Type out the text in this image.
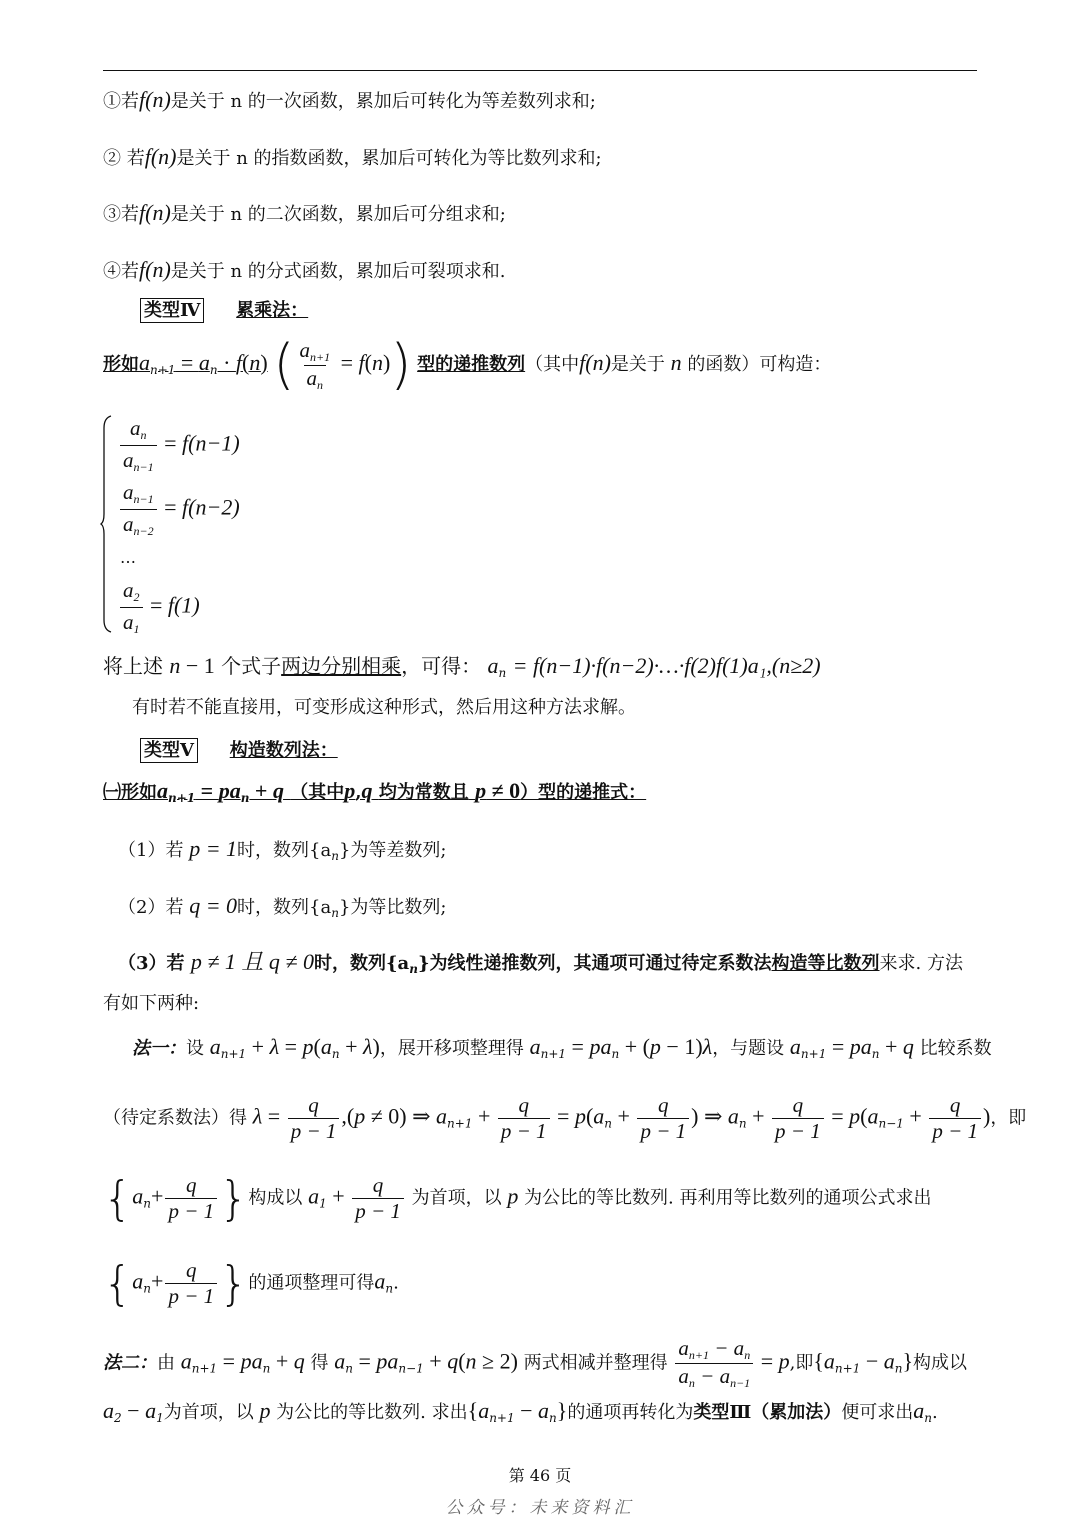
①若f(n)是关于 n 的一次函数，累加后可转化为等差数列求和;
② 若f(n)是关于 n 的指数函数，累加后可转化为等比数列求和;
③若f(n)是关于 n 的二次函数，累加后可分组求和;
④若f(n)是关于 n 的分式函数，累加后可裂项求和.
类型Ⅳ 累乘法：
形如$a_{n+1} = a_n \cdot f(n)$ ( $\frac{a_{n+1}}{a_n} = f(n)$) 型的递推数列（其中f(n)是关于 n 的函数）可构造：
$\frac{a_n}{a_{n-1}} = f(n-1)$
$\frac{a_{n-1}}{a_{n-2}} = f(n-2)$
…
$\frac{a_2}{a_1} = f(1)$
将上述 n − 1 个式子两边分别相乘，可得： $a_n$ = f(n−1)·f(n−2)·…·f(2)f(1)a₁,(n≥2)
有时若不能直接用，可变形成这种形式，然后用这种方法求解。
类型Ⅴ 构造数列法：
㈠形如$a_{n+1} = pa_n + q$ （其中p,q 均为常数且 p ≠ 0）型的递推式：
（1）若 p = 1时，数列$\{a_n\}$为等差数列;
（2）若 q = 0时，数列$\{a_n\}$为等比数列;
（3）若 p ≠ 1 且 q ≠ 0时，数列$\{a_n\}$为线性递推数列，其通项可通过待定系数法构造等比数列来求. 方法
有如下两种:
法一：设 $a_{n+1} + \lambda = p(a_n + \lambda)$，展开移项整理得 $a_{n+1} = pa_n + (p - 1)\lambda$，与题设 $a_{n+1} = pa_n + q$ 比较系数
（待定系数法）得 $\lambda = \frac{q}{p - 1} ,(p \ne 0)$ ⇒ $a_{n+1} + \frac{q}{p - 1} = p(a_n + \frac{q}{p - 1}$ ) ⇒ $a_n + \frac{q}{p - 1} = p(a_{n-1} + \frac{q}{p - 1}$ )，即
{$a_n+ \frac{q}{p - 1}$ }构成以 $a_1 + \frac{q}{p - 1}$ 为首项，以 p 为公比的等比数列. 再利用等比数列的通项公式求出
{$a_n+ \frac{q}{p - 1}$ }的通项整理可得$a_n$.
法二：由 $a_{n+1} = pa_n + q$ 得 $a_n = pa_{n-1} + q(n \ge 2)$ 两式相减并整理得 $\frac{a_{n+1} - a_n}{a_n - a_{n-1}} = p$,即$\{a_{n+1} - a_n\}$构成以
$a_2 - a_1$为首项，以 p 为公比的等比数列. 求出$\{a_{n+1} - a_n\}$的通项再转化为类型Ⅲ（累加法）便可求出$a_n$.
第 46 页
公众号：未来资料汇
